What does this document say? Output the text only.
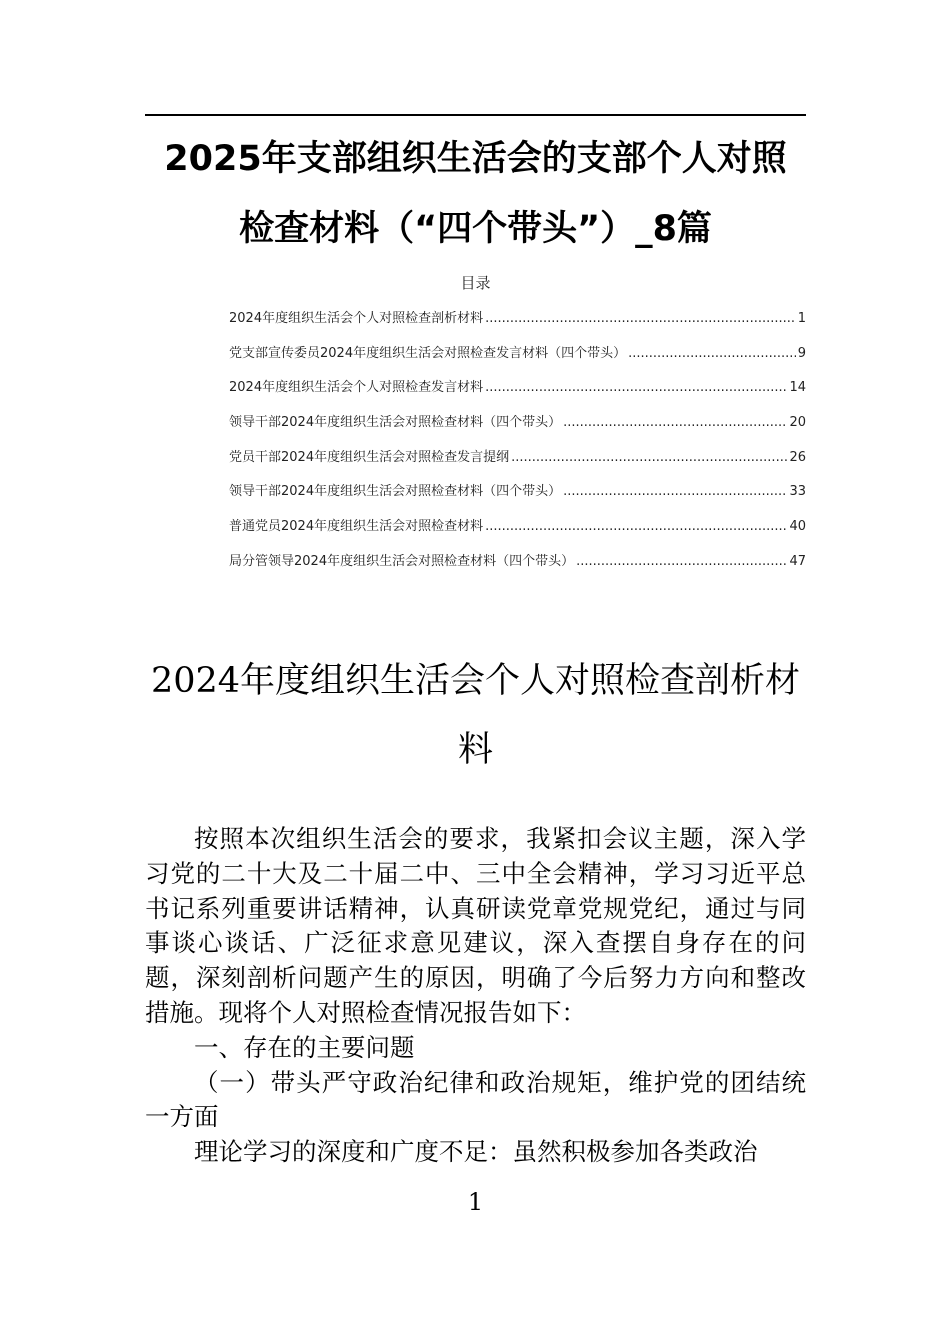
2025年支部组织生活会的支部个人对照
检查材料（“四个带头”）_8篇
目录
2024年度组织生活会个人对照检查剖析材料 .....	1
党支部宣传委员2024年度组织生活会对照检查发言材料（四个带头） .....	9
2024年度组织生活会个人对照检查发言材料 .....	14
领导干部2024年度组织生活会对照检查材料（四个带头） .....	20
党员干部2024年度组织生活会对照检查发言提纲 .....	26
领导干部2024年度组织生活会对照检查材料（四个带头） .....	33
普通党员2024年度组织生活会对照检查材料 .....	40
局分管领导2024年度组织生活会对照检查材料（四个带头） .....	47
2024年度组织生活会个人对照检查剖析材
料

按照本次组织生活会的要求，我紧扣会议主题，深入学习党的二十大及二十届二中、三中全会精神，学习习近平总书记系列重要讲话精神，认真研读党章党规党纪，通过与同事谈心谈话、广泛征求意见建议，深入查摆自身存在的问题，深刻剖析问题产生的原因，明确了今后努力方向和整改措施。现将个人对照检查情况报告如下：

一、存在的主要问题

（一）带头严守政治纪律和政治规矩，维护党的团结统一方面

理论学习的深度和广度不足：虽然积极参加各类政治

1
